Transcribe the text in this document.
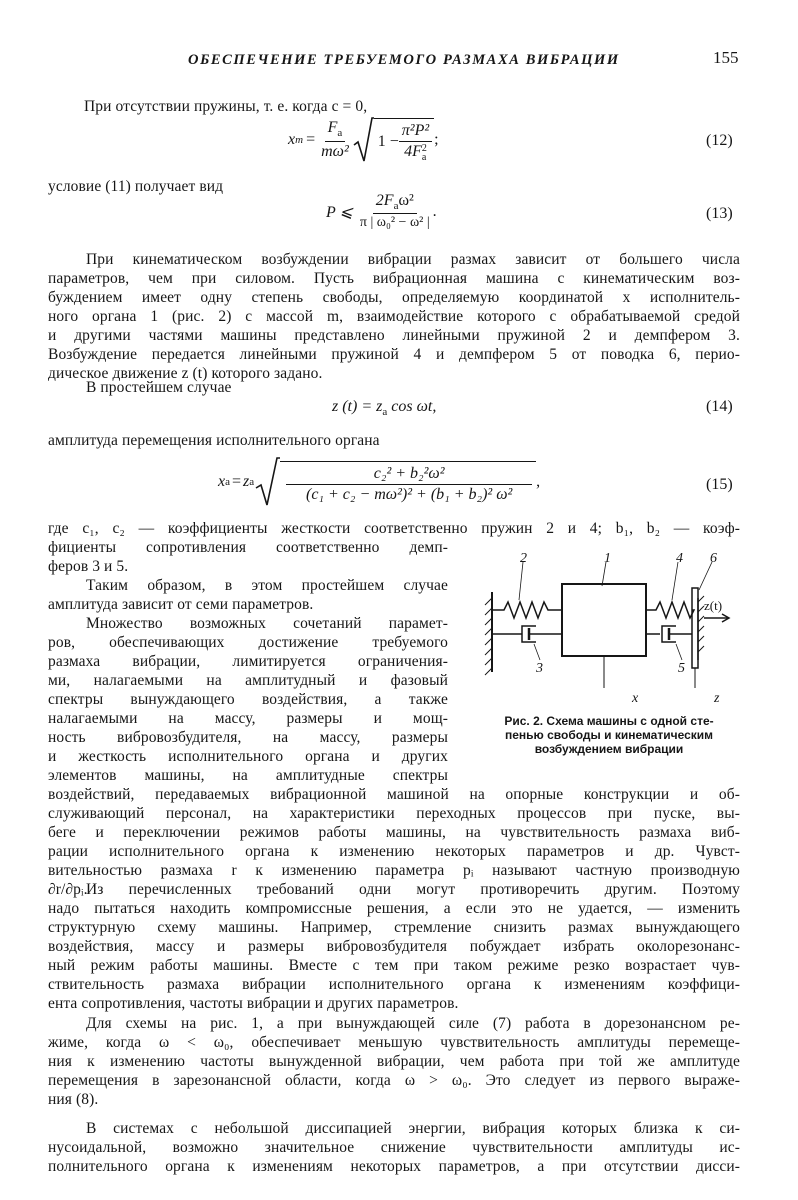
ОБЕСПЕЧЕНИЕ ТРЕБУЕМОГО РАЗМАХА ВИБРАЦИИ	155
При отсутствии пружины, т. е. когда c = 0,
x $m = \frac{F_а}{\text{mω²}} 1 - \pi^2P^2$
4F 2
а ;	(12)
условие (11) получает вид
P ⩽ $\frac{2F_а\omega^2}{\text{π | ω₀² − ω² |}}$ .	(13)
При кинематическом возбуждении вибрации размах зависит от большего числа
параметров, чем при силовом. Пусть вибрационная машина с кинематическим воз-
буждением имеет одну степень свободы, определяемую координатой x исполнитель-
ного органа 1 (рис. 2) с массой m, взаимодействие которого с обрабатываемой средой
и другими частями машины представлено линейными пружиной 2 и демпфером 3.
Возбуждение передается линейными пружиной 4 и демпфером 5 от поводка 6, перио-
дическое движение z (t) которого задано.
В простейшем случае
z $(t) = z_а$ cos ωt,	(14)
амплитуда перемещения исполнительного органа
x а = z а $\frac{\text{c₂² + b₂²ω²}}{\text{(c₁ + c₂ − mω²)² + (b₁ + b₂)² ω²}}$ ,	(15)
где c₁, c₂ — коэффициенты жесткости соответственно пружин 2 и 4; b₁, b₂ — коэф-
фициенты сопротивления соответственно демп-
феров 3 и 5.
Таким образом, в этом простейшем случае
амплитуда зависит от семи параметров.
Множество возможных сочетаний парамет-
ров, обеспечивающих достижение требуемого
размаха вибрации, лимитируется ограничения-
ми, налагаемыми на амплитудный и фазовый
спектры вынуждающего воздействия, а также
налагаемыми на массу, размеры и мощ-
ность вибровозбудителя, на массу, размеры
и жесткость исполнительного органа и других
элементов машины, на амплитудные спектры
2	1	4 6
3	5
x	z
z(t)
Рис. 2. Схема машины с одной сте-
пенью свободы и кинематическим
возбуждением вибрации
воздействий, передаваемых вибрационной машиной на опорные конструкции и об-
служивающий персонал, на характеристики переходных процессов при пуске, вы-
беге и переключении режимов работы машины, на чувствительность размаха виб-
рации исполнительного органа к изменению некоторых параметров и др. Чувст-
вительностью размаха r к изменению параметра pᵢ называют частную производную
∂r/∂pᵢ.
Из перечисленных требований одни могут противоречить другим. Поэтому
надо пытаться находить компромиссные решения, а если это не удается, — изменить
структурную схему машины. Например, стремление снизить размах вынуждающего
воздействия, массу и размеры вибровозбудителя побуждает избрать околорезонанс-
ный режим работы машины. Вместе с тем при таком режиме резко возрастает чув-
ствительность размаха вибрации исполнительного органа к изменениям коэффици-
ента сопротивления, частоты вибрации и других параметров.
Для схемы на рис. 1, a при вынуждающей силе (7) работа в дорезонансном ре-
жиме, когда ω < ω₀, обеспечивает меньшую чувствительность амплитуды перемеще-
ния к изменению частоты вынужденной вибрации, чем работа при той же амплитуде
перемещения в зарезонансной области, когда ω > ω₀. Это следует из первого выраже-
ния (8).
В системах с небольшой диссипацией энергии, вибрация которых близка к си-
нусоидальной, возможно значительное снижение чувствительности амплитуды ис-
полнительного органа к изменениям некоторых параметров, а при отсутствии дисси-
